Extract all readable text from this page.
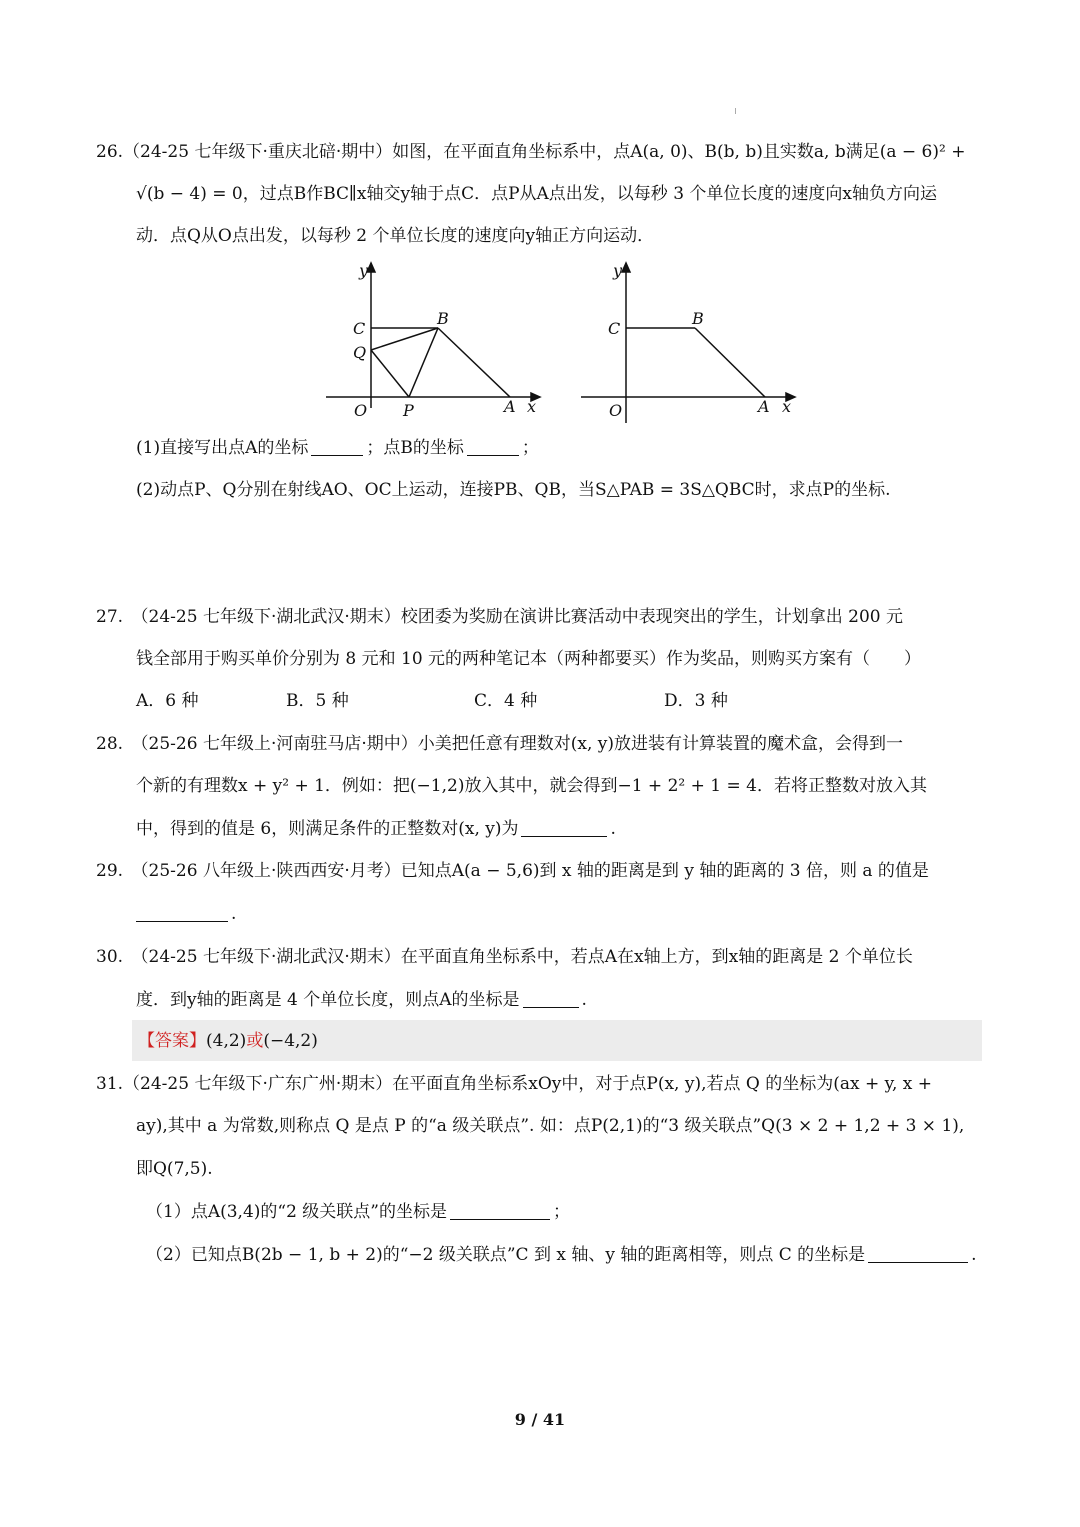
26.（24-25 七年级下·重庆北碚·期中）如图，在平面直角坐标系中，点A(a, 0)、B(b, b)且实数a, b满足(a − 6)² +
√(b − 4) = 0，过点B作BC∥x轴交y轴于点C．点P从A点出发，以每秒 3 个单位长度的速度向x轴负方向运
动．点Q从O点出发，以每秒 2 个单位长度的速度向y轴正方向运动．
y
C
B
Q
O P	A x
y
C
B
O	A x
(1)直接写出点A的坐标	；点B的坐标	；
(2)动点P、Q分别在射线AO、OC上运动，连接PB、QB，当S△PAB = 3S△QBC时，求点P的坐标.
27.　（24-25 七年级下·湖北武汉·期末）校团委为奖励在演讲比赛活动中表现突出的学生，计划拿出 200 元
钱全部用于购买单价分别为 8 元和 10 元的两种笔记本（两种都要买）作为奖品，则购买方案有（　　）
A．6 种	B．5 种	C．4 种	D．3 种
28.　（25-26 七年级上·河南驻马店·期中）小美把任意有理数对(x, y)放进装有计算装置的魔术盒，会得到一
个新的有理数x + y² + 1．例如：把(−1,2)放入其中，就会得到−1 + 2² + 1 = 4．若将正整数对放入其
中，得到的值是 6，则满足条件的正整数对(x, y)为	.
29.　（25-26 八年级上·陕西西安·月考）已知点A(a − 5,6)到 x 轴的距离是到 y 轴的距离的 3 倍，则 a 的值是
.
30.　（24-25 七年级下·湖北武汉·期末）在平面直角坐标系中，若点A在x轴上方，到x轴的距离是 2 个单位长
度．到y轴的距离是 4 个单位长度，则点A的坐标是	.
【答案】(4,2)或(−4,2)
31.（24-25 七年级下·广东广州·期末）在平面直角坐标系xOy中，对于点P(x, y),若点 Q 的坐标为(ax + y, x +
ay),其中 a 为常数,则称点 Q 是点 P 的“a 级关联点”. 如：点P(2,1)的“3 级关联点”Q(3 × 2 + 1,2 + 3 × 1),
即Q(7,5).
（1）点A(3,4)的“2 级关联点”的坐标是	；
（2）已知点B(2b − 1, b + 2)的“−2 级关联点”C 到 x 轴、y 轴的距离相等，则点 C 的坐标是	.
9 / 41
